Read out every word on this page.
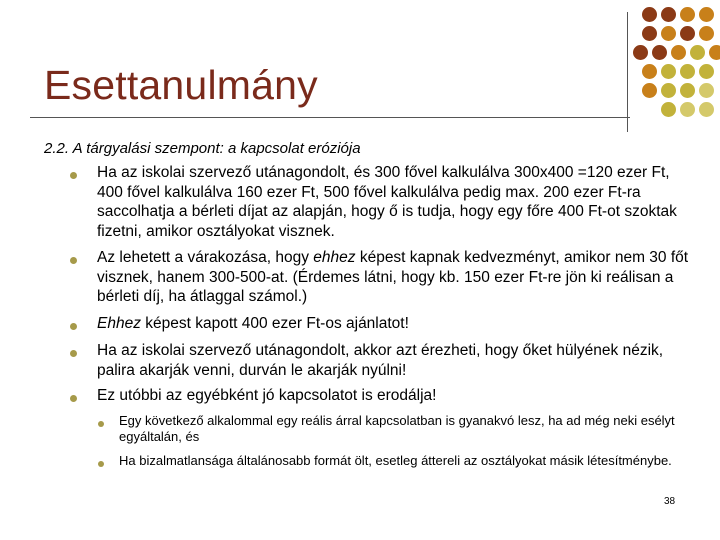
Esettanulmány
2.2. A tárgyalási szempont: a kapcsolat eróziója
Ha az iskolai szervező utánagondolt, és 300 fővel kalkulálva 300x400 =120 ezer Ft, 400 fővel kalkulálva 160 ezer Ft, 500 fővel kalkulálva pedig max. 200 ezer Ft-ra saccolhatja a bérleti díjat az alapján, hogy ő is tudja, hogy egy főre 400 Ft-ot szoktak fizetni, amikor osztályokat visznek.
Az lehetett a várakozása, hogy ehhez képest kapnak kedvezményt, amikor nem 30 főt visznek, hanem 300-500-at. (Érdemes látni, hogy kb. 150 ezer Ft-re jön ki reálisan a bérleti díj, ha átlaggal számol.)
Ehhez képest kapott 400 ezer Ft-os ajánlatot!
Ha az iskolai szervező utánagondolt, akkor azt érezheti, hogy őket hülyének nézik, palira akarják venni, durván le akarják nyúlni!
Ez utóbbi az egyébként jó kapcsolatot is erodálja!
Egy következő alkalommal egy reális árral kapcsolatban is gyanakvó lesz, ha ad még neki esélyt egyáltalán, és
Ha bizalmatlansága általánosabb formát ölt, esetleg áttereli az osztályokat másik létesítménybe.
38
